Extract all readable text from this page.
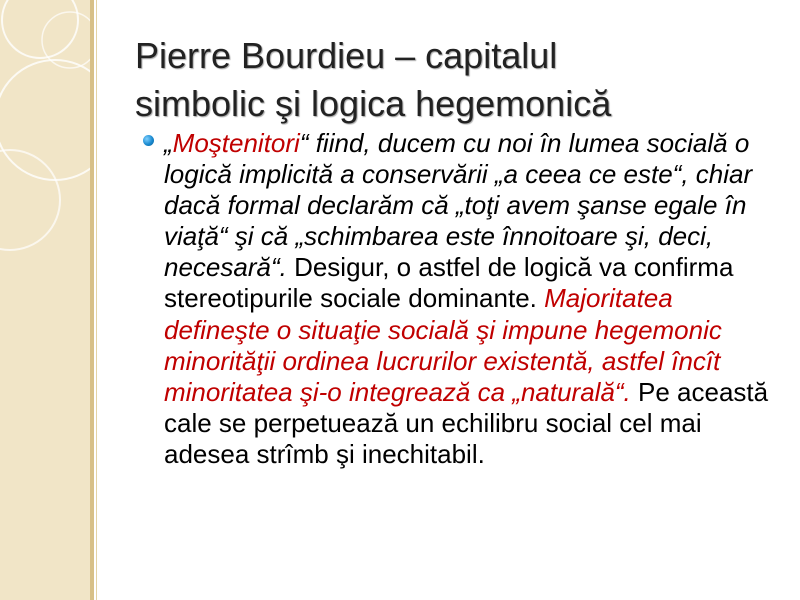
Pierre Bourdieu – capitalul
simbolic şi logica hegemonică

„Moştenitori“ fiind, ducem cu noi în lumea socială o logică implicită a conservării „a ceea ce este“, chiar dacă formal declarăm că „toţi avem şanse egale în viaţă“ şi că „schimbarea este înnoitoare şi, deci, necesară“. Desigur, o astfel de logică va confirma stereotipurile sociale dominante. Majoritatea defineşte o situaţie socială şi impune hegemonic minorităţii ordinea lucrurilor existentă, astfel încît minoritatea şi-o integrează ca „naturală“. Pe această cale se perpetuează un echilibru social cel mai adesea strîmb şi inechitabil.
